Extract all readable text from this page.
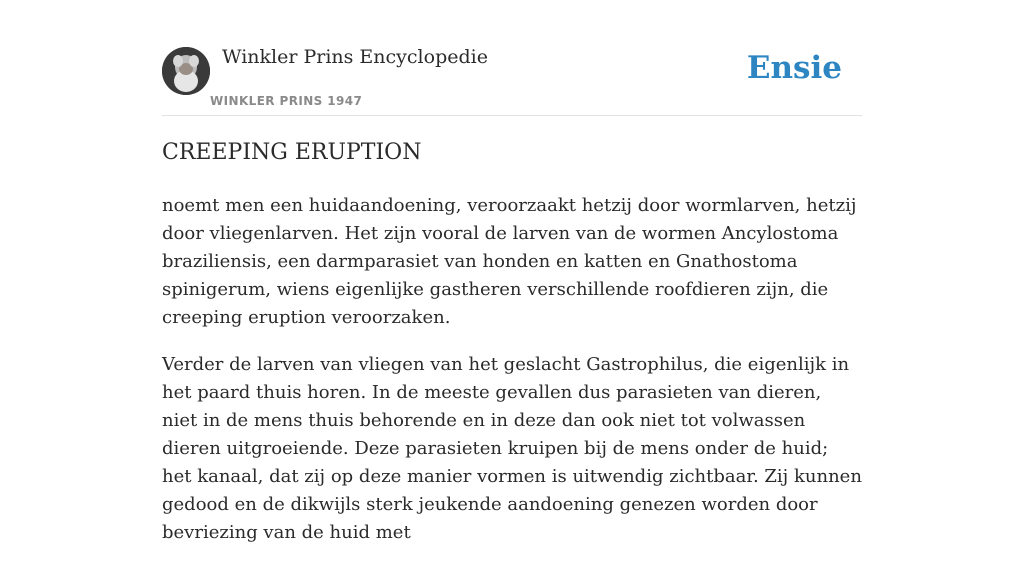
Winkler Prins Encyclopedie
WINKLER PRINS 1947
Ensie
CREEPING ERUPTION

noemt men een huidaandoening, veroorzaakt hetzij door wormlarven, hetzij door vliegenlarven. Het zijn vooral de larven van de wormen Ancylostoma braziliensis, een darmparasiet van honden en katten en Gnathostoma spinigerum, wiens eigenlijke gastheren verschillende roofdieren zijn, die creeping eruption veroorzaken.

Verder de larven van vliegen van het geslacht Gastrophilus, die eigenlijk in het paard thuis horen. In de meeste gevallen dus parasieten van dieren, niet in de mens thuis behorende en in deze dan ook niet tot volwassen dieren uitgroeiende. Deze parasieten kruipen bij de mens onder de huid; het kanaal, dat zij op deze manier vormen is uitwendig zichtbaar. Zij kunnen gedood en de dikwijls sterk jeukende aandoening genezen worden door bevriezing van de huid met
